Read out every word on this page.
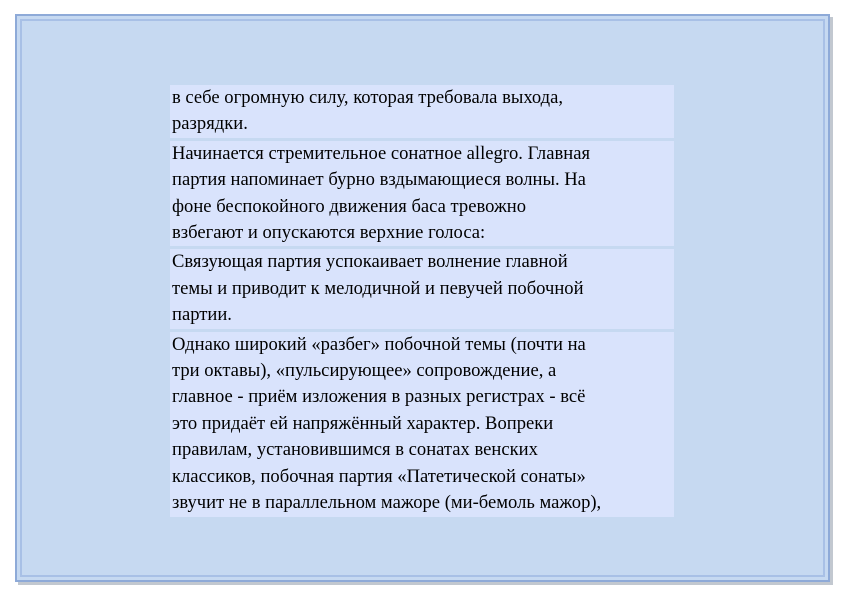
в себе огромную силу, которая требовала выхода,
разрядки.
Начинается стремительное сонатное allegro. Главная
партия напоминает бурно вздымающиеся волны. На
фоне беспокойного движения баса тревожно
взбегают и опускаются верхние голоса:
Связующая партия успокаивает волнение главной
темы и приводит к мелодичной и певучей побочной
партии.
Однако широкий «разбег» побочной темы (почти на
три октавы), «пульсирующее» сопровождение, а
главное - приём изложения в разных регистрах - всё
это придаёт ей напряжённый характер. Вопреки
правилам, установившимся в сонатах венских
классиков, побочная партия «Патетической сонаты»
звучит не в параллельном мажоре (ми-бемоль мажор),
